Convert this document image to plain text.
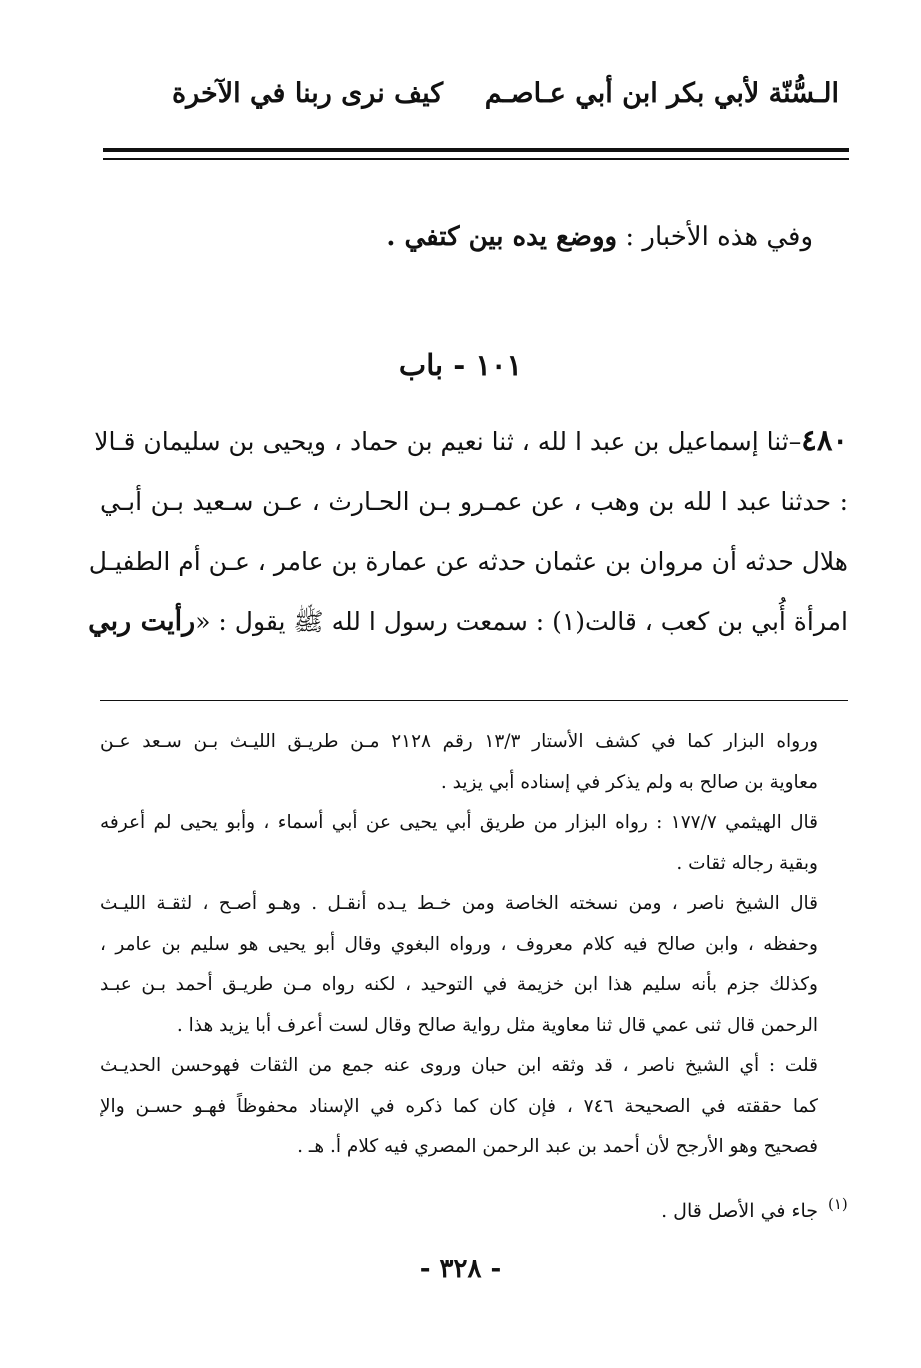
الـسُّنّة لأبي بكر ابن أبي عـاصـم
كيف نرى ربنا في الآخرة
وفي هذه الأخبار : ووضع يده بين كتفي .
١٠١ - باب
٤٨٠–ثنا إسماعيل بن عبد ا لله ، ثنا نعيم بن حماد ، ويحيى بن سليمان قـالا
: حدثنا عبد ا لله بن وهب ، عن عمـرو بـن الحـارث ، عـن سـعيد بـن أبـي
هلال حدثه أن مروان بن عثمان حدثه عن عمارة بن عامر ، عـن أم الطفيـل
امرأة أُبي بن كعب ، قالت(١) : سمعت رسول ا لله ﷺ يقول : «رأيت ربي
ورواه البزار كما في كشف الأستار ١٣/٣ رقم ٢١٢٨ مـن طريـق الليـث بـن سـعد عـن
معاوية بن صالح به ولم يذكر في إسناده أبي يزيد .
قال الهيثمي ١٧٧/٧ : رواه البزار من طريق أبي يحيى عن أبي أسماء ، وأبو يحيى لم أعرفه
وبقية رجاله ثقات .
قال الشيخ ناصر ، ومن نسخته الخاصة ومن خـط يـده أنقـل . وهـو أصـح ، لثقـة الليـث
وحفظه ، وابن صالح فيه كلام معروف ، ورواه البغوي وقال أبو يحيى هو سليم بن عامر ،
وكذلك جزم بأنه سليم هذا ابن خزيمة في التوحيد ، لكنه رواه مـن طريـق أحمد بـن عبـد
الرحمن قال ثنى عمي قال ثنا معاوية مثل رواية صالح وقال لست أعرف أبا يزيد هذا .
قلت : أي الشيخ ناصر ، قد وثقه ابن حبان وروى عنه جمع من الثقات فهوحسن الحديـث
كما حققته في الصحيحة ٧٤٦ ، فإن كان كما ذكره في الإسناد محفوظاً فهـو حسـن والإ
فصحيح وهو الأرجح لأن أحمد بن عبد الرحمن المصري فيه كلام أ. هـ .
(١)
جاء في الأصل قال .
- ٣٢٨ -
